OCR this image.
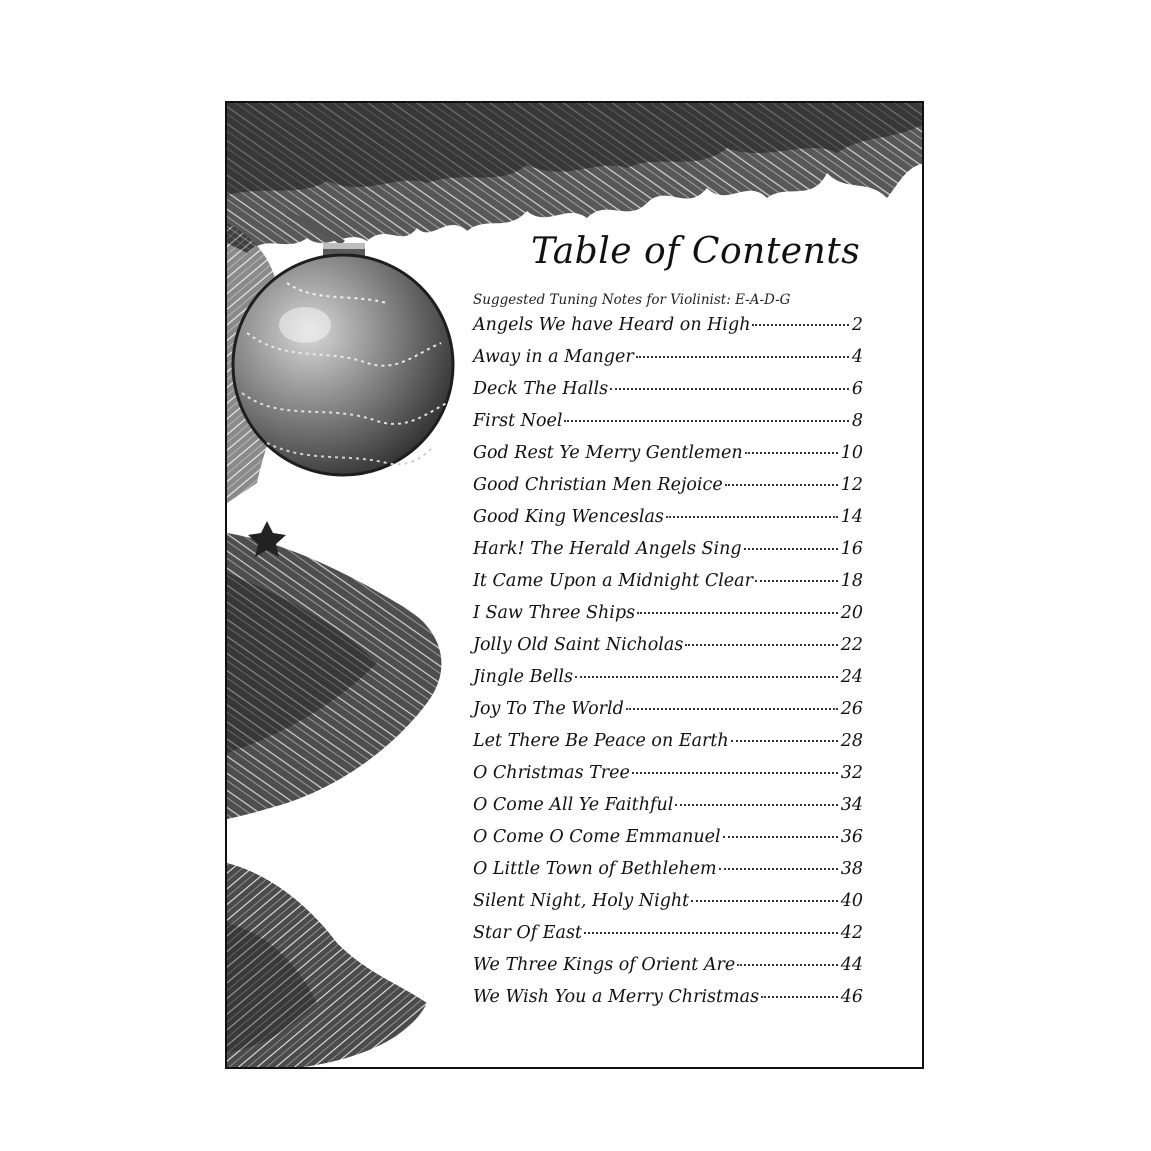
Table of Contents
Suggested Tuning Notes for Violinist: E-A-D-G
Angels We have Heard on High	2
Away in a Manger	4
Deck The Halls	6
First Noel	8
God Rest Ye Merry Gentlemen	10
Good Christian Men Rejoice	12
Good King Wenceslas	14
Hark! The Herald Angels Sing	16
It Came Upon a Midnight Clear	18
I Saw Three Ships	20
Jolly Old Saint Nicholas	22
Jingle Bells	24
Joy To The World	26
Let There Be Peace on Earth	28
O Christmas Tree	32
O Come All Ye Faithful	34
O Come O Come Emmanuel	36
O Little Town of Bethlehem	38
Silent Night, Holy Night	40
Star Of East	42
We Three Kings of Orient Are	44
We Wish You a Merry Christmas	46
